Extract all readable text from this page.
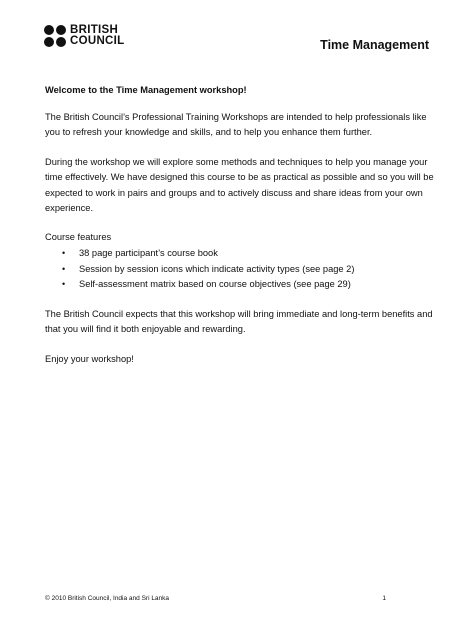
BRITISH
COUNCIL	Time Management

Welcome to the Time Management workshop!

The British Council’s Professional Training Workshops are intended to help professionals like you to refresh your knowledge and skills, and to help you enhance them further.

During the workshop we will explore some methods and techniques to help you manage your time effectively. We have designed this course to be as practical as possible and so you will be expected to work in pairs and groups and to actively discuss and share ideas from your own experience.

Course features

•	38 page participant’s course book
•	Session by session icons which indicate activity types (see page 2)
•	Self-assessment matrix based on course objectives (see page 29)

The British Council expects that this workshop will bring immediate and long-term benefits and that you will find it both enjoyable and rewarding.

Enjoy your workshop!

© 2010 British Council, India and Sri Lanka	1
